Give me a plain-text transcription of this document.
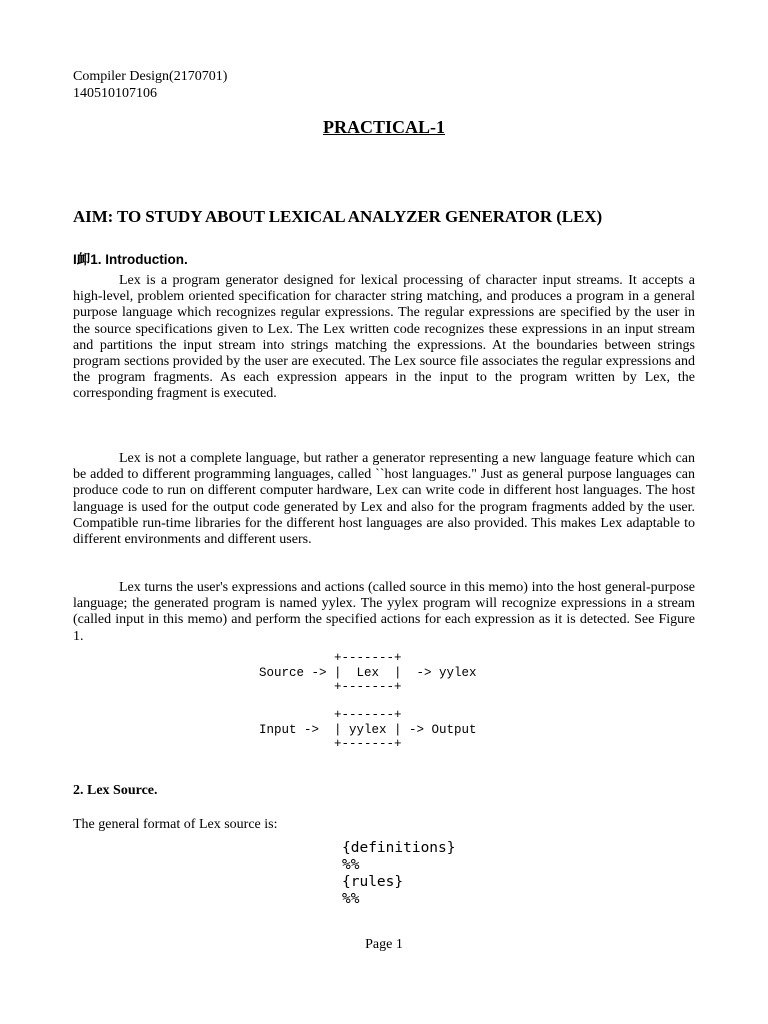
Compiler Design(2170701)
140510107106
PRACTICAL-1
AIM: TO STUDY ABOUT LEXICAL ANALYZER GENERATOR (LEX)
I卹1. Introduction.

Lex is a program generator designed for lexical processing of character input streams. It accepts a high-level, problem oriented specification for character string matching, and produces a program in a general purpose language which recognizes regular expressions. The regular expressions are specified by the user in the source specifications given to Lex. The Lex written code recognizes these expressions in an input stream and partitions the input stream into strings matching the expressions. At the boundaries between strings program sections provided by the user are executed. The Lex source file associates the regular expressions and the program fragments. As each expression appears in the input to the program written by Lex, the corresponding fragment is executed.

Lex is not a complete language, but rather a generator representing a new language feature which can be added to different programming languages, called ``host languages." Just as general purpose languages can produce code to run on different computer hardware, Lex can write code in different host languages. The host language is used for the output code generated by Lex and also for the program fragments added by the user. Compatible run-time libraries for the different host languages are also provided. This makes Lex adaptable to different environments and different users.

Lex turns the user's expressions and actions (called source in this memo) into the host general-purpose language; the generated program is named yylex. The yylex program will recognize expressions in a stream (called input in this memo) and perform the specified actions for each expression as it is detected. See Figure 1.

+-------+
Source -> |  Lex  |  -> yylex
+-------+
+-------+
Input ->  | yylex | -> Output
+-------+
2. Lex Source.
The general format of Lex source is:
{definitions}
%%
{rules}
%%
Page 1
